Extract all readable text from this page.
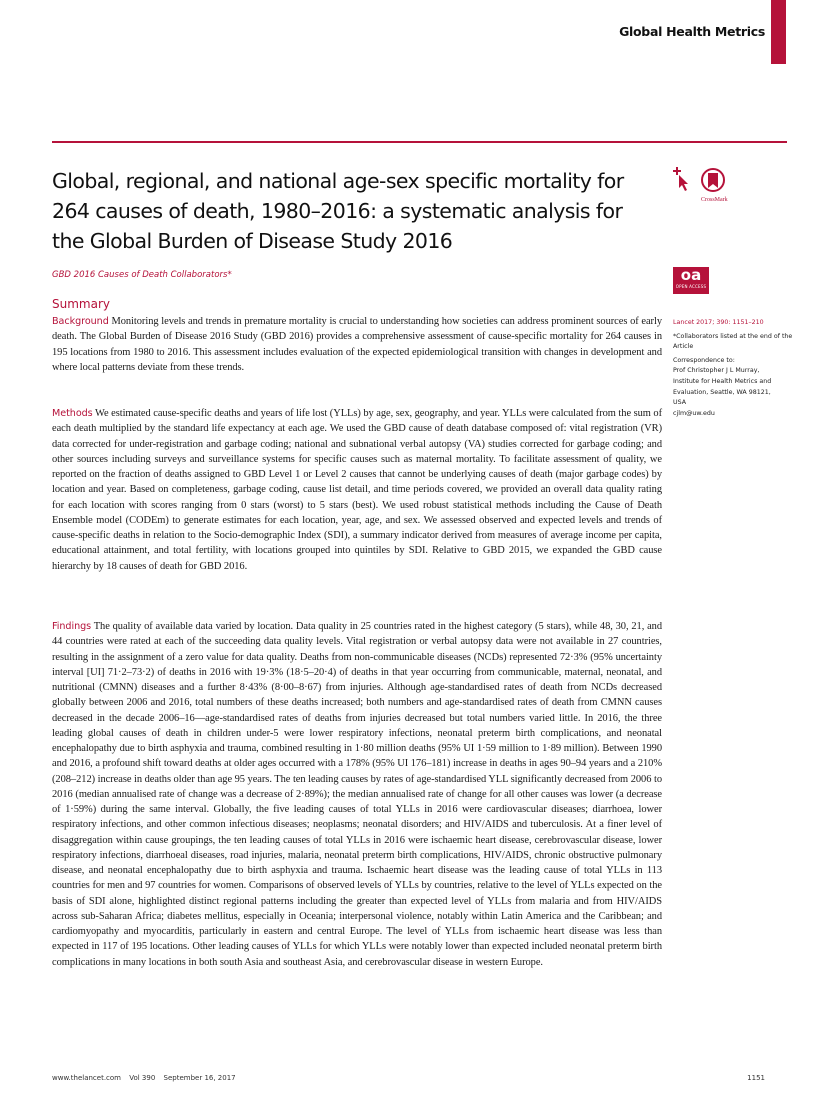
Global Health Metrics
Global, regional, and national age-sex specific mortality for 264 causes of death, 1980–2016: a systematic analysis for the Global Burden of Disease Study 2016
GBD 2016 Causes of Death Collaborators*
CrossMark
oa
OPEN ACCESS
Lancet 2017; 390: 1151–210
*Collaborators listed at the end of the Article
Correspondence to:
Prof Christopher J L Murray,
Institute for Health Metrics and Evaluation, Seattle, WA 98121,
USA
cjlm@uw.edu
Summary

Background Monitoring levels and trends in premature mortality is crucial to understanding how societies can address prominent sources of early death. The Global Burden of Disease 2016 Study (GBD 2016) provides a comprehensive assessment of cause-specific mortality for 264 causes in 195 locations from 1980 to 2016. This assessment includes evaluation of the expected epidemiological transition with changes in development and where local patterns deviate from these trends.

Methods We estimated cause-specific deaths and years of life lost (YLLs) by age, sex, geography, and year. YLLs were calculated from the sum of each death multiplied by the standard life expectancy at each age. We used the GBD cause of death database composed of: vital registration (VR) data corrected for under-registration and garbage coding; national and subnational verbal autopsy (VA) studies corrected for garbage coding; and other sources including surveys and surveillance systems for specific causes such as maternal mortality. To facilitate assessment of quality, we reported on the fraction of deaths assigned to GBD Level 1 or Level 2 causes that cannot be underlying causes of death (major garbage codes) by location and year. Based on completeness, garbage coding, cause list detail, and time periods covered, we provided an overall data quality rating for each location with scores ranging from 0 stars (worst) to 5 stars (best). We used robust statistical methods including the Cause of Death Ensemble model (CODEm) to generate estimates for each location, year, age, and sex. We assessed observed and expected levels and trends of cause-specific deaths in relation to the Socio-demographic Index (SDI), a summary indicator derived from measures of average income per capita, educational attainment, and total fertility, with locations grouped into quintiles by SDI. Relative to GBD 2015, we expanded the GBD cause hierarchy by 18 causes of death for GBD 2016.

Findings The quality of available data varied by location. Data quality in 25 countries rated in the highest category (5 stars), while 48, 30, 21, and 44 countries were rated at each of the succeeding data quality levels. Vital registration or verbal autopsy data were not available in 27 countries, resulting in the assignment of a zero value for data quality. Deaths from non-communicable diseases (NCDs) represented 72·3% (95% uncertainty interval [UI] 71·2–73·2) of deaths in 2016 with 19·3% (18·5–20·4) of deaths in that year occurring from communicable, maternal, neonatal, and nutritional (CMNN) diseases and a further 8·43% (8·00–8·67) from injuries. Although age-standardised rates of death from NCDs decreased globally between 2006 and 2016, total numbers of these deaths increased; both numbers and age-standardised rates of death from CMNN causes decreased in the decade 2006–16—age-standardised rates of deaths from injuries decreased but total numbers varied little. In 2016, the three leading global causes of death in children under-5 were lower respiratory infections, neonatal preterm birth complications, and neonatal encephalopathy due to birth asphyxia and trauma, combined resulting in 1·80 million deaths (95% UI 1·59 million to 1·89 million). Between 1990 and 2016, a profound shift toward deaths at older ages occurred with a 178% (95% UI 176–181) increase in deaths in ages 90–94 years and a 210% (208–212) increase in deaths older than age 95 years. The ten leading causes by rates of age-standardised YLL significantly decreased from 2006 to 2016 (median annualised rate of change was a decrease of 2·89%); the median annualised rate of change for all other causes was lower (a decrease of 1·59%) during the same interval. Globally, the five leading causes of total YLLs in 2016 were cardiovascular diseases; diarrhoea, lower respiratory infections, and other common infectious diseases; neoplasms; neonatal disorders; and HIV/AIDS and tuberculosis. At a finer level of disaggregation within cause groupings, the ten leading causes of total YLLs in 2016 were ischaemic heart disease, cerebrovascular disease, lower respiratory infections, diarrhoeal diseases, road injuries, malaria, neonatal preterm birth complications, HIV/AIDS, chronic obstructive pulmonary disease, and neonatal encephalopathy due to birth asphyxia and trauma. Ischaemic heart disease was the leading cause of total YLLs in 113 countries for men and 97 countries for women. Comparisons of observed levels of YLLs by countries, relative to the level of YLLs expected on the basis of SDI alone, highlighted distinct regional patterns including the greater than expected level of YLLs from malaria and from HIV/AIDS across sub-Saharan Africa; diabetes mellitus, especially in Oceania; interpersonal violence, notably within Latin America and the Caribbean; and cardiomyopathy and myocarditis, particularly in eastern and central Europe. The level of YLLs from ischaemic heart disease was less than expected in 117 of 195 locations. Other leading causes of YLLs for which YLLs were notably lower than expected included neonatal preterm birth complications in many locations in both south Asia and southeast Asia, and cerebrovascular disease in western Europe.

www.thelancet.com Vol 390 September 16, 2017	1151
